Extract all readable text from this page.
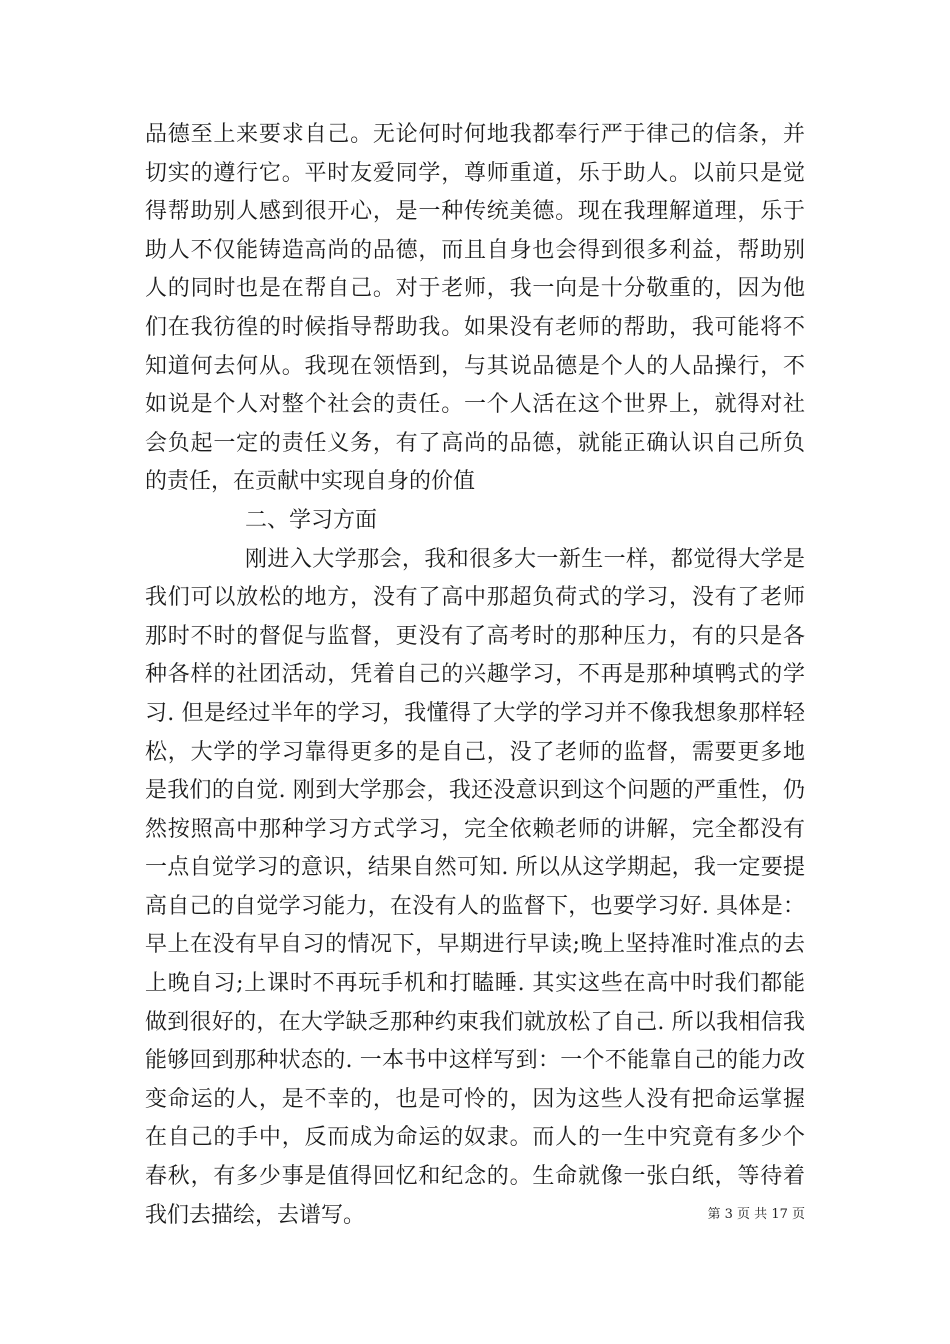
品德至上来要求自己。无论何时何地我都奉行严于律己的信条，并
切实的遵行它。平时友爱同学，尊师重道，乐于助人。以前只是觉
得帮助别人感到很开心，是一种传统美德。现在我理解道理，乐于
助人不仅能铸造高尚的品德，而且自身也会得到很多利益，帮助别
人的同时也是在帮自己。对于老师，我一向是十分敬重的，因为他
们在我彷徨的时候指导帮助我。如果没有老师的帮助，我可能将不
知道何去何从。我现在领悟到，与其说品德是个人的人品操行，不
如说是个人对整个社会的责任。一个人活在这个世界上，就得对社
会负起一定的责任义务，有了高尚的品德，就能正确认识自己所负
的责任，在贡献中实现自身的价值
二、学习方面
刚进入大学那会，我和很多大一新生一样，都觉得大学是
我们可以放松的地方，没有了高中那超负荷式的学习，没有了老师
那时不时的督促与监督，更没有了高考时的那种压力，有的只是各
种各样的社团活动，凭着自己的兴趣学习，不再是那种填鸭式的学
习. 但是经过半年的学习，我懂得了大学的学习并不像我想象那样轻
松，大学的学习靠得更多的是自己，没了老师的监督，需要更多地
是我们的自觉. 刚到大学那会，我还没意识到这个问题的严重性，仍
然按照高中那种学习方式学习，完全依赖老师的讲解，完全都没有
一点自觉学习的意识，结果自然可知. 所以从这学期起，我一定要提
高自己的自觉学习能力，在没有人的监督下，也要学习好. 具体是：
早上在没有早自习的情况下，早期进行早读;晚上坚持准时准点的去
上晚自习;上课时不再玩手机和打瞌睡. 其实这些在高中时我们都能
做到很好的，在大学缺乏那种约束我们就放松了自己. 所以我相信我
能够回到那种状态的. 一本书中这样写到：一个不能靠自己的能力改
变命运的人，是不幸的，也是可怜的，因为这些人没有把命运掌握
在自己的手中，反而成为命运的奴隶。而人的一生中究竟有多少个
春秋，有多少事是值得回忆和纪念的。生命就像一张白纸，等待着
我们去描绘，去谱写。	第 3 页 共 17 页
